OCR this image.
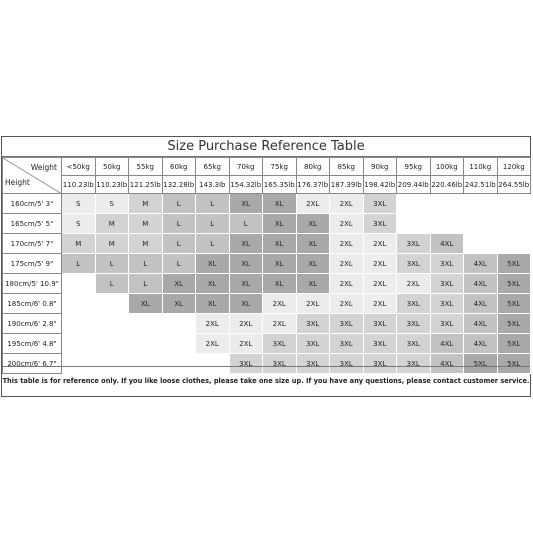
Size Purchase Reference Table
Weight
Height	<50kg	50kg	55kg	60kg	65kg	70kg	75kg	80kg	85kg	90kg	95kg	100kg	110kg	120kg
	110.23lb	110.23lb	121.25lb	132.28lb	143.3lb	154.32lb	165.35lb	176.37lb	187.39lb	198.42lb	209.44lb	220.46lb	242.51lb	264.55lb
160cm/5' 3"	S	S	M	L	L	XL	XL	2XL	2XL	3XL				
165cm/5' 5"	S	M	M	L	L	L	XL	XL	2XL	3XL				
170cm/5' 7"	M	M	M	L	L	XL	XL	XL	2XL	2XL	3XL	4XL		
175cm/5' 9"	L	L	L	L	XL	XL	XL	XL	2XL	2XL	3XL	3XL	4XL	5XL
180cm/5' 10.9"		L	L	XL	XL	XL	XL	XL	2XL	2XL	2XL	3XL	4XL	5XL
185cm/6' 0.8"			XL	XL	XL	XL	2XL	2XL	2XL	2XL	3XL	3XL	4XL	5XL
190cm/6' 2.8"					2XL	2XL	2XL	3XL	3XL	3XL	3XL	3XL	4XL	5XL
195cm/6' 4.8"					2XL	2XL	3XL	3XL	3XL	3XL	3XL	4XL	4XL	5XL
200cm/6' 6.7"						3XL	3XL	3XL	3XL	3XL	3XL	4XL	5XL	5XL
This table is for reference only. If you like loose clothes, please take one size up. If you have any questions, please contact customer service.
